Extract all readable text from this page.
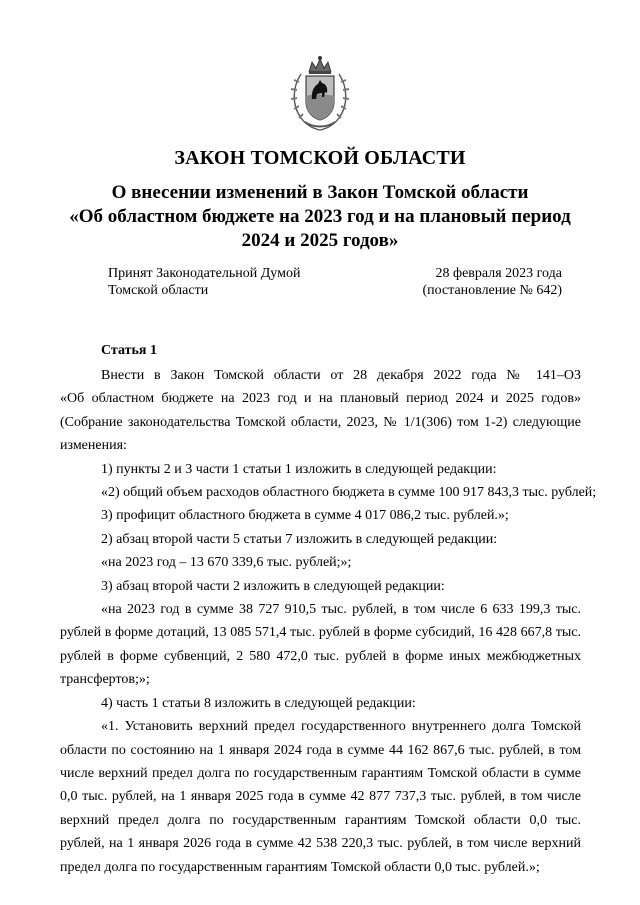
ЗАКОН ТОМСКОЙ ОБЛАСТИ
О внесении изменений в Закон Томской области
«Об областном бюджете на 2023 год и на плановый период
2024 и 2025 годов»
Принят Законодательной Думой
Томской области
28 февраля 2023 года
(постановление № 642)
Статья 1

Внести в Закон Томской области от 28 декабря 2022 года № 141–ОЗ

«Об областном бюджете на 2023 год и на плановый период 2024 и 2025 годов» (Собрание законодательства Томской области, 2023, № 1/1(306) том 1-2) следующие изменения:

1) пункты 2 и 3 части 1 статьи 1 изложить в следующей редакции:

«2) общий объем расходов областного бюджета в сумме 100 917 843,3 тыс. рублей;

3) профицит областного бюджета в сумме 4 017 086,2 тыс. рублей.»;

2) абзац второй части 5 статьи 7 изложить в следующей редакции:

«на 2023 год – 13 670 339,6 тыс. рублей;»;

3) абзац второй части 2 изложить в следующей редакции:

«на 2023 год в сумме 38 727 910,5 тыс. рублей, в том числе 6 633 199,3 тыс. рублей в форме дотаций, 13 085 571,4 тыс. рублей в форме субсидий, 16 428 667,8 тыс. рублей в форме субвенций, 2 580 472,0 тыс. рублей в форме иных межбюджетных трансфертов;»;

4) часть 1 статьи 8 изложить в следующей редакции:

«1. Установить верхний предел государственного внутреннего долга Томской области по состоянию на 1 января 2024 года в сумме 44 162 867,6 тыс. рублей, в том числе верхний предел долга по государственным гарантиям Томской области в сумме 0,0 тыс. рублей, на 1 января 2025 года в сумме 42 877 737,3 тыс. рублей, в том числе верхний предел долга по государственным гарантиям Томской области 0,0 тыс. рублей, на 1 января 2026 года в сумме 42 538 220,3 тыс. рублей, в том числе верхний предел долга по государственным гарантиям Томской области 0,0 тыс. рублей.»;
